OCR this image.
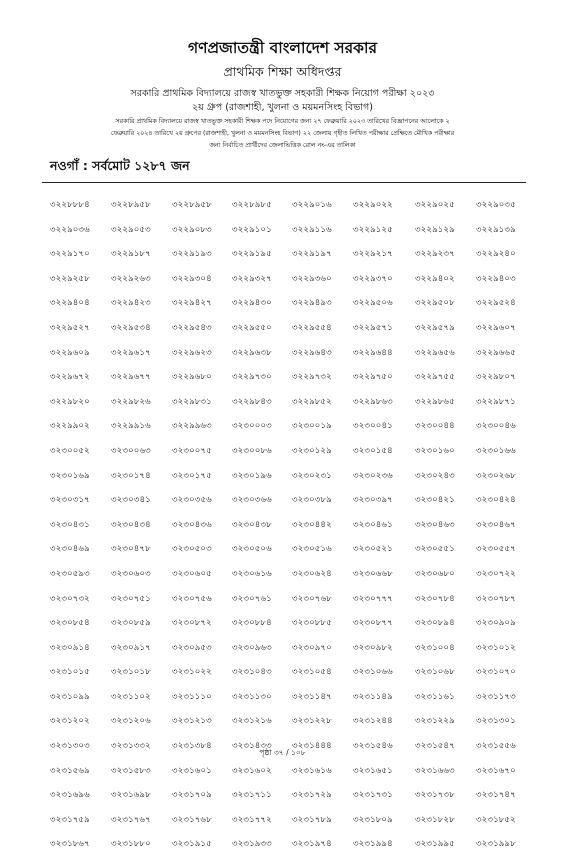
গণপ্রজাতন্ত্রী বাংলাদেশ সরকার
প্রাথমিক শিক্ষা অধিদপ্তর
সরকারি প্রাথমিক বিদ্যালয়ে রাজস্ব খাতভুক্ত সহকারী শিক্ষক নিয়োগ পরীক্ষা ২০২৩
২য় গ্রুপ (রাজশাহী, খুলনা ও ময়মনসিংহ বিভাগ)
সরকারি প্রাথমিক বিদ্যালয়ে রাজস্ব খাতভুক্ত সহকারী শিক্ষক পদে নিয়োগের জন্য ২৭ ফেব্রুয়ারি ২০২৩ তারিখের বিজ্ঞাপনের আলোকে ২
ফেব্রুয়ারি ২০২৪ তারিখে ২য় গ্রুপের (রাজশাহী, খুলনা ও ময়মনসিংহ বিভাগ) ২২ জেলায় গৃহীত লিখিত পরীক্ষার প্রেক্ষিতে মৌখিক পরীক্ষার
জন্য নির্বাচিত প্রার্থীদের জেলাভিত্তিক রোল নং-এর তালিকা
নওগাঁ : সর্বমোট ১২৮৭ জন
৩২২৮৮৮৪ ৩২২৮৯৫৮ ৩২২৮৯৫৮ ৩২২৮৯৮৫ ৩২২৯০১৬ ৩২২৯০২২	৩২২৯০২৫ ৩২২৯০৩৫
৩২২৯০৩৬ ৩২২৯০৫৩ ৩২২৯০৮৩ ৩২২৯১০১ ৩২২৯১১৬ ৩২২৯১২৫	৩২২৯১২৯ ৩২২৯১৩৯
৩২২৯১৭০ ৩২২৯১৮৭ ৩২২৯১৯৩ ৩২২৯১৯৫ ৩২২৯১৯৭ ৩২২৯২১৭	৩২২৯২৩৭ ৩২২৯২৪০
৩২২৯২৫৮ ৩২২৯২৬৩ ৩২২৯৩০৪ ৩২২৯৩২৭ ৩২২৯৩৬০ ৩২২৯৩৭০	৩২২৯৪০২ ৩২২৯৪০৩
৩২২৯৪০৪ ৩২২৯৪২৩ ৩২২৯৪২৭ ৩২২৯৪৩০ ৩২২৯৪৯৩ ৩২২৯৫০৬	৩২২৯৫০৮ ৩২২৯৫২৪
৩২২৯৫২৭ ৩২২৯৫৩৪ ৩২২৯৫৪৩ ৩২২৯৫৫০ ৩২২৯৫৫৪ ৩২২৯৫৭১	৩২২৯৫৭৯ ৩২২৯৬০৭
৩২২৯৬০৯ ৩২২৯৬১৭ ৩২২৯৬২৩ ৩২২৯৬৩৮ ৩২২৯৬৪৩ ৩২২৯৬৪৪	৩২২৯৬৫৬ ৩২২৯৬৬৫
৩২২৯৬৭২ ৩২২৯৬৭৭ ৩২২৯৬৮০ ৩২২৯৭৩০ ৩২২৯৭৩২ ৩২২৯৭৫০	৩২২৯৭৫৫ ৩২২৯৮০৭
৩২২৯৮২০ ৩২২৯৮২৬ ৩২২৯৮৩১ ৩২২৯৮৪৩ ৩২২৯৮৫২ ৩২২৯৮৬৩	৩২২৯৮৬৫ ৩২২৯৮৭১
৩২২৯৯০২ ৩২২৯৯১৬ ৩২২৯৯৬৩ ৩২৩০০০৩ ৩২৩০০১৯ ৩২৩০০৪১	৩২৩০০৪৪ ৩২৩০০৪৬
৩২৩০০৫২ ৩২৩০০৬৩ ৩২৩০০৭৫ ৩২৩০০৮৬ ৩২৩০১২৯ ৩২৩০১৫৪	৩২৩০১৬০ ৩২৩০১৬৬
৩২৩০১৬৯ ৩২৩০১৭৪ ৩২৩০১৭৫ ৩২৩০১৯৬ ৩২৩০২৩১ ৩২৩০২৩৬	৩২৩০২৪৩ ৩২৩০২৬৮
৩২৩০৩১৭ ৩২৩০৩৪১ ৩২৩০৩৫৬ ৩২৩০৩৬৬ ৩২৩০৩৮৯ ৩২৩০৩৯৭	৩২৩০৪২১ ৩২৩০৪২৪
৩২৩০৪৩১ ৩২৩০৪৩৪ ৩২৩০৪৩৬ ৩২৩০৪৩৮ ৩২৩০৪৪২ ৩২৩০৪৬১	৩২৩০৪৬৩ ৩২৩০৪৬৭
৩২৩০৪৬৯ ৩২৩০৪৭৮ ৩২৩০৫০৩ ৩২৩০৫০৬ ৩২৩০৫১৬ ৩২৩০৫২১	৩২৩০৫৫১ ৩২৩০৫৫৭
৩২৩০৫৯৩ ৩২৩০৬০৩ ৩২৩০৬০৫ ৩২৩০৬১৬ ৩২৩০৬২৪ ৩২৩০৬৬৮	৩২৩০৬৮০ ৩২৩০৭২২
৩২৩০৭৩২ ৩২৩০৭৫১ ৩২৩০৭৫৬ ৩২৩০৭৬১ ৩২৩০৭৬৮ ৩২৩০৭৭৭	৩২৩০৭৮৪ ৩২৩০৭৮৭
৩২৩০৮৫৪ ৩২৩০৮৫৯ ৩২৩০৮৭২ ৩২৩০৮৮৪ ৩২৩০৮৮৫ ৩২৩০৮৭৭	৩২৩০৮৯৪ ৩২৩০৯০৯
৩২৩০৯১৪ ৩২৩০৯১৭ ৩২৩০৯৫৩ ৩২৩০৯৬৩ ৩২৩০৯৭০ ৩২৩০৯৮২	৩২৩১০০৪ ৩২৩১০১২
৩২৩১০১৫ ৩২৩১০১৮ ৩২৩১০২২ ৩২৩১০৪৩ ৩২৩১০৫৪ ৩২৩১০৬৬	৩২৩১০৬৮ ৩২৩১০৭০
৩২৩১০৯৯ ৩২৩১১০২ ৩২৩১১১০ ৩২৩১১৩০ ৩২৩১১৪৭ ৩২৩১১৪৯	৩২৩১১৬১ ৩২৩১১৭৩
৩২৩১২০২ ৩২৩১২০৬ ৩২৩১২১৩ ৩২৩১২১৬ ৩২৩১২২৮ ৩২৩১২৪৪	৩২৩১২২৯ ৩২৩১৩০১
৩২৩১৩০৩ ৩২৩১৩৩২ ৩২৩১৩৮৪ ৩২৩১৪৩৩ ৩২৩১৪৪৪ ৩২৩১৫৪৬	৩২৩১৫৪৭ ৩২৩১৫৫৬
৩২৩১৫৬৯ ৩২৩১৫৮৩ ৩২৩১৬০১ ৩২৩১৬০২ ৩২৩১৬১৬ ৩২৩১৬৫১	৩২৩১৬৬৩ ৩২৩১৬৭০
৩২৩১৬৯৬ ৩২৩১৬৯৮ ৩২৩১৭০৯ ৩২৩১৭১১ ৩২৩১৭২৯ ৩২৩১৭৩১	৩২৩১৭৩৮ ৩২৩১৭৪৭
৩২৩১৭৫৯ ৩২৩১৭৬৭ ৩২৩১৭৬৮ ৩২৩১৭৭২ ৩২৩১৭৮৯ ৩২৩১৮০৯	৩২৩১৮২৮ ৩২৩১৮৫২
৩২৩১৮৬৭ ৩২৩১৮৮০ ৩২৩১৯১৫ ৩২৩১৯৩৩ ৩২৩১৯৭৪ ৩২৩১৯৯৪	৩২৩১৯৯৫ ৩২৩১৯৯৮
পৃষ্ঠা ৩৭ / ১০৮
